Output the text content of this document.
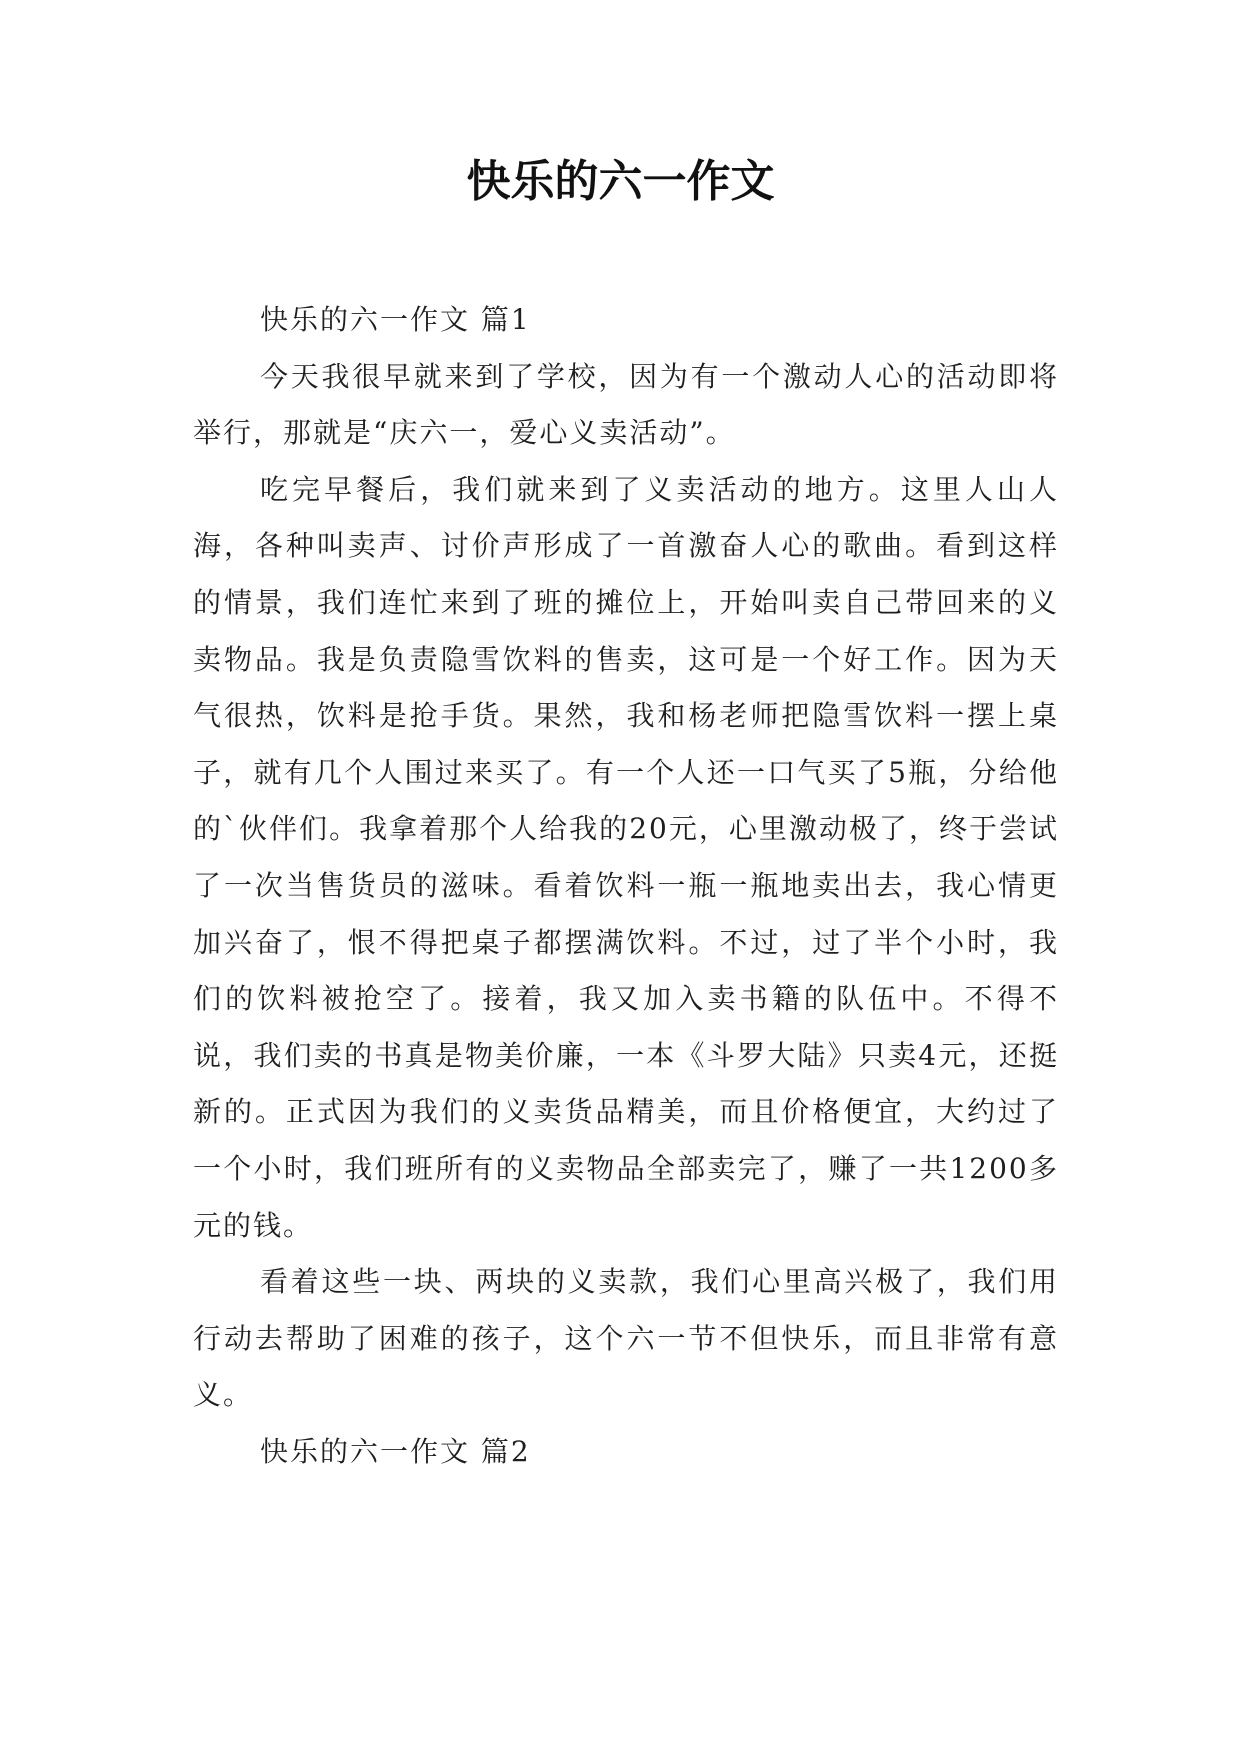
快乐的六一作文

快乐的六一作文 篇1

今天我很早就来到了学校，因为有一个激动人心的活动即将举行，那就是“庆六一，爱心义卖活动”。

吃完早餐后，我们就来到了义卖活动的地方。这里人山人海，各种叫卖声、讨价声形成了一首激奋人心的歌曲。看到这样的情景，我们连忙来到了班的摊位上，开始叫卖自己带回来的义卖物品。我是负责隐雪饮料的售卖，这可是一个好工作。因为天气很热，饮料是抢手货。果然，我和杨老师把隐雪饮料一摆上桌子，就有几个人围过来买了。有一个人还一口气买了5瓶，分给他的`伙伴们。我拿着那个人给我的20元，心里激动极了，终于尝试了一次当售货员的滋味。看着饮料一瓶一瓶地卖出去，我心情更加兴奋了，恨不得把桌子都摆满饮料。不过，过了半个小时，我们的饮料被抢空了。接着，我又加入卖书籍的队伍中。不得不说，我们卖的书真是物美价廉，一本《斗罗大陆》只卖4元，还挺新的。正式因为我们的义卖货品精美，而且价格便宜，大约过了一个小时，我们班所有的义卖物品全部卖完了，赚了一共1200多元的钱。

看着这些一块、两块的义卖款，我们心里高兴极了，我们用行动去帮助了困难的孩子，这个六一节不但快乐，而且非常有意义。

快乐的六一作文 篇2
